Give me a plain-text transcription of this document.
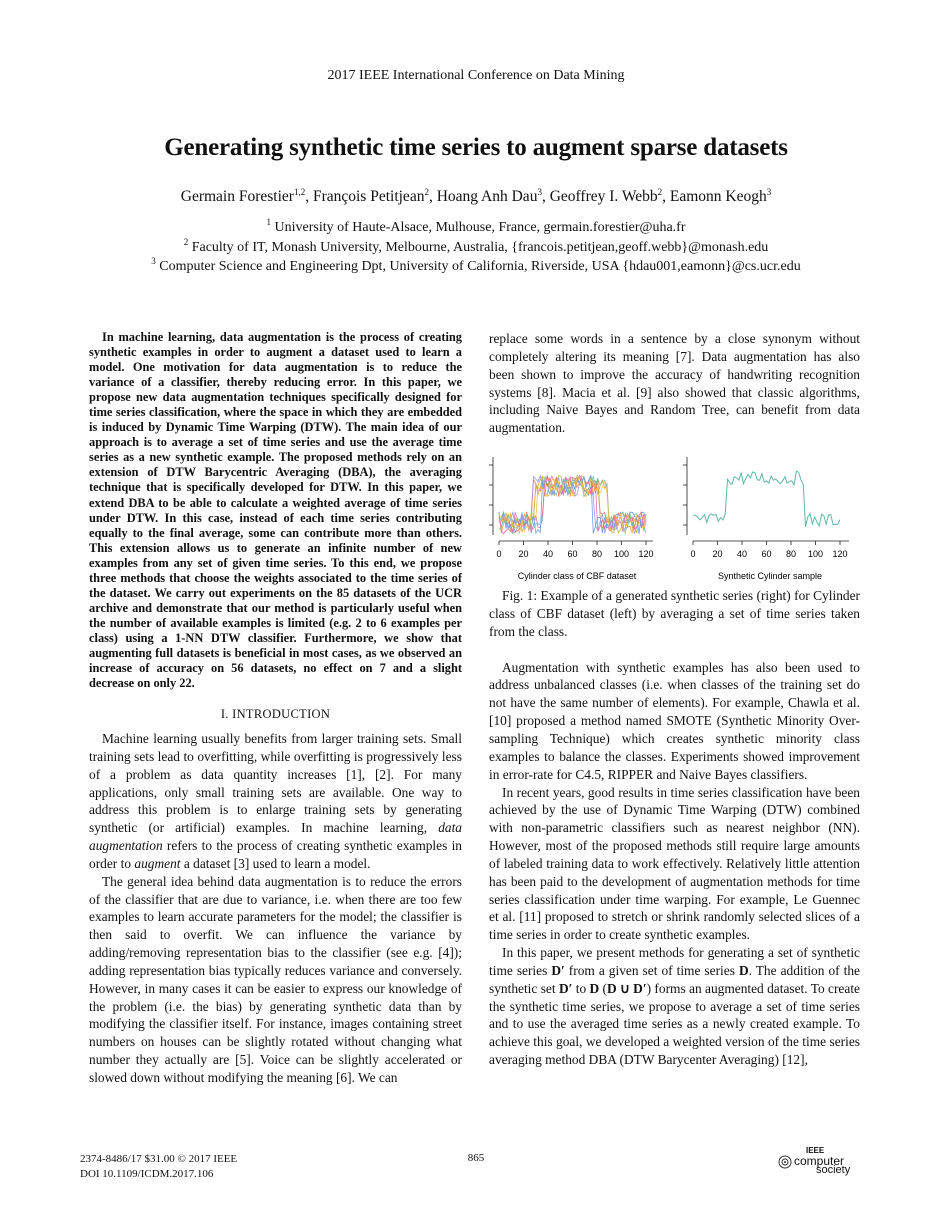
2017 IEEE International Conference on Data Mining
Generating synthetic time series to augment sparse datasets
Germain Forestier$^{1,2}$, François Petitjean$^2$, Hoang Anh Dau$^3$, Geoffrey I. Webb$^2$, Eamonn Keogh$^3$
$^1$ University of Haute-Alsace, Mulhouse, France, germain.forestier@uha.fr
$^2$ Faculty of IT, Monash University, Melbourne, Australia, {francois.petitjean,geoff.webb}@monash.edu
$^3$ Computer Science and Engineering Dpt, University of California, Riverside, USA {hdau001,eamonn}@cs.ucr.edu

In machine learning, data augmentation is the process of creating synthetic examples in order to augment a dataset used to learn a model. One motivation for data augmentation is to reduce the variance of a classifier, thereby reducing error. In this paper, we propose new data augmentation techniques specifically designed for time series classification, where the space in which they are embedded is induced by Dynamic Time Warping (DTW). The main idea of our approach is to average a set of time series and use the average time series as a new synthetic example. The proposed methods rely on an extension of DTW Barycentric Averaging (DBA), the averaging technique that is specifically developed for DTW. In this paper, we extend DBA to be able to calculate a weighted average of time series under DTW. In this case, instead of each time series contributing equally to the final average, some can contribute more than others. This extension allows us to generate an infinite number of new examples from any set of given time series. To this end, we propose three methods that choose the weights associated to the time series of the dataset. We carry out experiments on the 85 datasets of the UCR archive and demonstrate that our method is particularly useful when the number of available examples is limited (e.g. 2 to 6 examples per class) using a 1-NN DTW classifier. Furthermore, we show that augmenting full datasets is beneficial in most cases, as we observed an increase of accuracy on 56 datasets, no effect on 7 and a slight decrease on only 22.

I. INTRODUCTION

Machine learning usually benefits from larger training sets. Small training sets lead to overfitting, while overfitting is progressively less of a problem as data quantity increases [1], [2]. For many applications, only small training sets are available. One way to address this problem is to enlarge training sets by generating synthetic (or artificial) examples. In machine learning, data augmentation refers to the process of creating synthetic examples in order to augment a dataset [3] used to learn a model.

The general idea behind data augmentation is to reduce the errors of the classifier that are due to variance, i.e. when there are too few examples to learn accurate parameters for the model; the classifier is then said to overfit. We can influence the variance by adding/removing representation bias to the classifier (see e.g. [4]); adding representation bias typically reduces variance and conversely. However, in many cases it can be easier to express our knowledge of the problem (i.e. the bias) by generating synthetic data than by modifying the classifier itself. For instance, images containing street numbers on houses can be slightly rotated without changing what number they actually are [5]. Voice can be slightly accelerated or slowed down without modifying the meaning [6]. We can

replace some words in a sentence by a close synonym without completely altering its meaning [7]. Data augmentation has also been shown to improve the accuracy of handwriting recognition systems [8]. Macia et al. [9] also showed that classic algorithms, including Naive Bayes and Random Tree, can benefit from data augmentation.

0 20 40 60 80 100 120
Cylinder class of CBF dataset
0 20 40 60 80 100 120
Synthetic Cylinder sample

Fig. 1: Example of a generated synthetic series (right) for Cylinder class of CBF dataset (left) by averaging a set of time series taken from the class.

Augmentation with synthetic examples has also been used to address unbalanced classes (i.e. when classes of the training set do not have the same number of elements). For example, Chawla et al. [10] proposed a method named SMOTE (Synthetic Minority Over-sampling Technique) which creates synthetic minority class examples to balance the classes. Experiments showed improvement in error-rate for C4.5, RIPPER and Naive Bayes classifiers.

In recent years, good results in time series classification have been achieved by the use of Dynamic Time Warping (DTW) combined with non-parametric classifiers such as nearest neighbor (NN). However, most of the proposed methods still require large amounts of labeled training data to work effectively. Relatively little attention has been paid to the development of augmentation methods for time series classification under time warping. For example, Le Guennec et al. [11] proposed to stretch or shrink randomly selected slices of a time series in order to create synthetic examples.

In this paper, we present methods for generating a set of synthetic time series D′ from a given set of time series D. The addition of the synthetic set D′ to D (D ∪ D′) forms an augmented dataset. To create the synthetic time series, we propose to average a set of time series and to use the averaged time series as a newly created example. To achieve this goal, we developed a weighted version of the time series averaging method DBA (DTW Barycenter Averaging) [12],

2374-8486/17 $31.00 © 2017 IEEE
DOI 10.1109/ICDM.2017.106
865
IEEE
computer
society
